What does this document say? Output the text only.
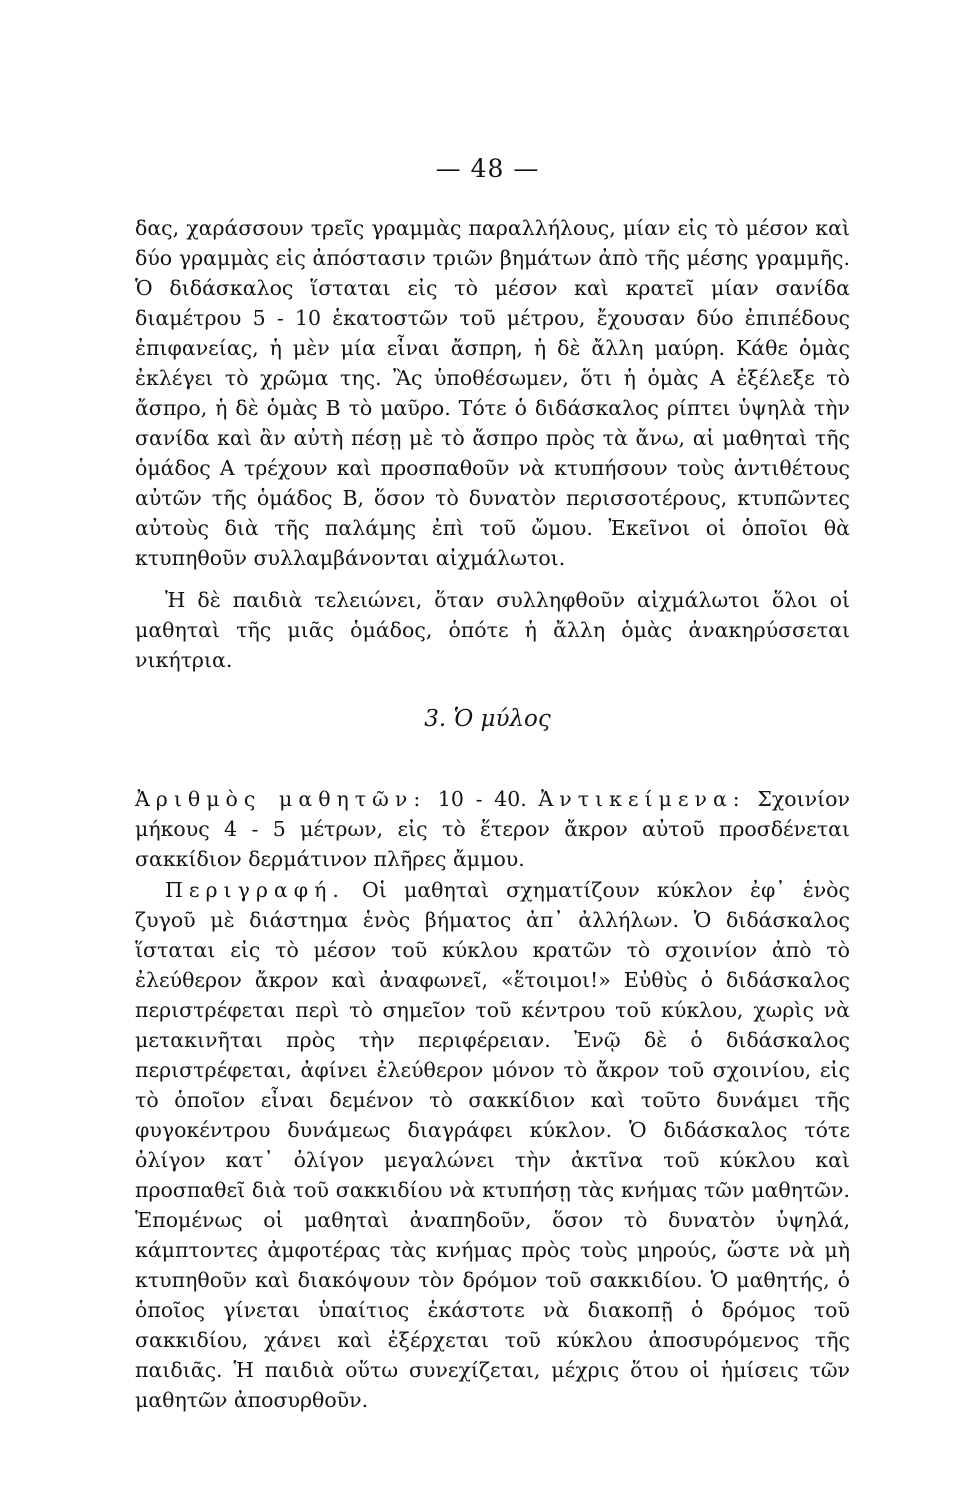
— 48 —

δας, χαράσσουν τρεῖς γραμμὰς παραλλήλους, μίαν εἰς τὸ μέσον καὶ δύο γραμμὰς εἰς ἀπόστασιν τριῶν βημάτων ἀπὸ τῆς μέσης γραμμῆς. Ὁ διδάσκαλος ἵσταται εἰς τὸ μέσον καὶ κρατεῖ μίαν σανίδα διαμέτρου 5 - 10 ἑκατοστῶν τοῦ μέτρου, ἔχουσαν δύο ἐπιπέδους ἐπιφανείας, ἡ μὲν μία εἶναι ἄσπρη, ἡ δὲ ἄλλη μαύρη. Κάθε ὁμὰς ἐκλέγει τὸ χρῶμα της. Ἂς ὑποθέσωμεν, ὅτι ἡ ὁμὰς Α ἐξέλεξε τὸ ἄσπρο, ἡ δὲ ὁμὰς Β τὸ μαῦρο. Τότε ὁ διδάσκαλος ρίπτει ὑψηλὰ τὴν σανίδα καὶ ἂν αὐτὴ πέσῃ μὲ τὸ ἄσπρο πρὸς τὰ ἄνω, αἱ μαθηταὶ τῆς ὁμάδος Α τρέχουν καὶ προσπαθοῦν νὰ κτυπήσουν τοὺς ἀντιθέτους αὐτῶν τῆς ὁμάδος Β, ὅσον τὸ δυνατὸν περισσοτέρους, κτυπῶντες αὐτοὺς διὰ τῆς παλάμης ἐπὶ τοῦ ὤμου. Ἐκεῖνοι οἱ ὁποῖοι θὰ κτυπηθοῦν συλλαμβάνονται αἰχμάλωτοι.

Ἡ δὲ παιδιὰ τελειώνει, ὅταν συλληφθοῦν αἰχμάλωτοι ὅλοι οἱ μαθηταὶ τῆς μιᾶς ὁμάδος, ὁπότε ἡ ἄλλη ὁμὰς ἀνακηρύσσεται νικήτρια.

3. Ὁ μύλος

Ἀριθμὸς μαθητῶν: 10 - 40. Ἀντικείμενα: Σχοινίον μήκους 4 - 5 μέτρων, εἰς τὸ ἕτερον ἄκρον αὐτοῦ προσδένεται σακκίδιον δερμάτινον πλῆρες ἄμμου.

Περιγραφή. Οἱ μαθηταὶ σχηματίζουν κύκλον ἐφ᾽ ἑνὸς ζυγοῦ μὲ διάστημα ἑνὸς βήματος ἀπ᾽ ἀλλήλων. Ὁ διδάσκαλος ἵσταται εἰς τὸ μέσον τοῦ κύκλου κρατῶν τὸ σχοινίον ἀπὸ τὸ ἐλεύθερον ἄκρον καὶ ἀναφωνεῖ, «ἕτοιμοι!» Εὐθὺς ὁ διδάσκαλος περιστρέφεται περὶ τὸ σημεῖον τοῦ κέντρου τοῦ κύκλου, χωρὶς νὰ μετακινῆται πρὸς τὴν περιφέρειαν. Ἐνῷ δὲ ὁ διδάσκαλος περιστρέφεται, ἀφίνει ἐλεύθερον μόνον τὸ ἄκρον τοῦ σχοινίου, εἰς τὸ ὁποῖον εἶναι δεμένον τὸ σακκίδιον καὶ τοῦτο δυνάμει τῆς φυγοκέντρου δυνάμεως διαγράφει κύκλον. Ὁ διδάσκαλος τότε ὀλίγον κατ᾽ ὀλίγον μεγαλώνει τὴν ἀκτῖνα τοῦ κύκλου καὶ προσπαθεῖ διὰ τοῦ σακκιδίου νὰ κτυπήσῃ τὰς κνήμας τῶν μαθητῶν. Ἑπομένως οἱ μαθηταὶ ἀναπηδοῦν, ὅσον τὸ δυνατὸν ὑψηλά, κάμπτοντες ἀμφοτέρας τὰς κνήμας πρὸς τοὺς μηρούς, ὥστε νὰ μὴ κτυπηθοῦν καὶ διακόψουν τὸν δρόμον τοῦ σακκιδίου. Ὁ μαθητής, ὁ ὁποῖος γίνεται ὑπαίτιος ἑκάστοτε νὰ διακοπῇ ὁ δρόμος τοῦ σακκιδίου, χάνει καὶ ἐξέρχεται τοῦ κύκλου ἀποσυρόμενος τῆς παιδιᾶς. Ἡ παιδιὰ οὕτω συνεχίζεται, μέχρις ὅτου οἱ ἡμίσεις τῶν μαθητῶν ἀποσυρθοῦν.
